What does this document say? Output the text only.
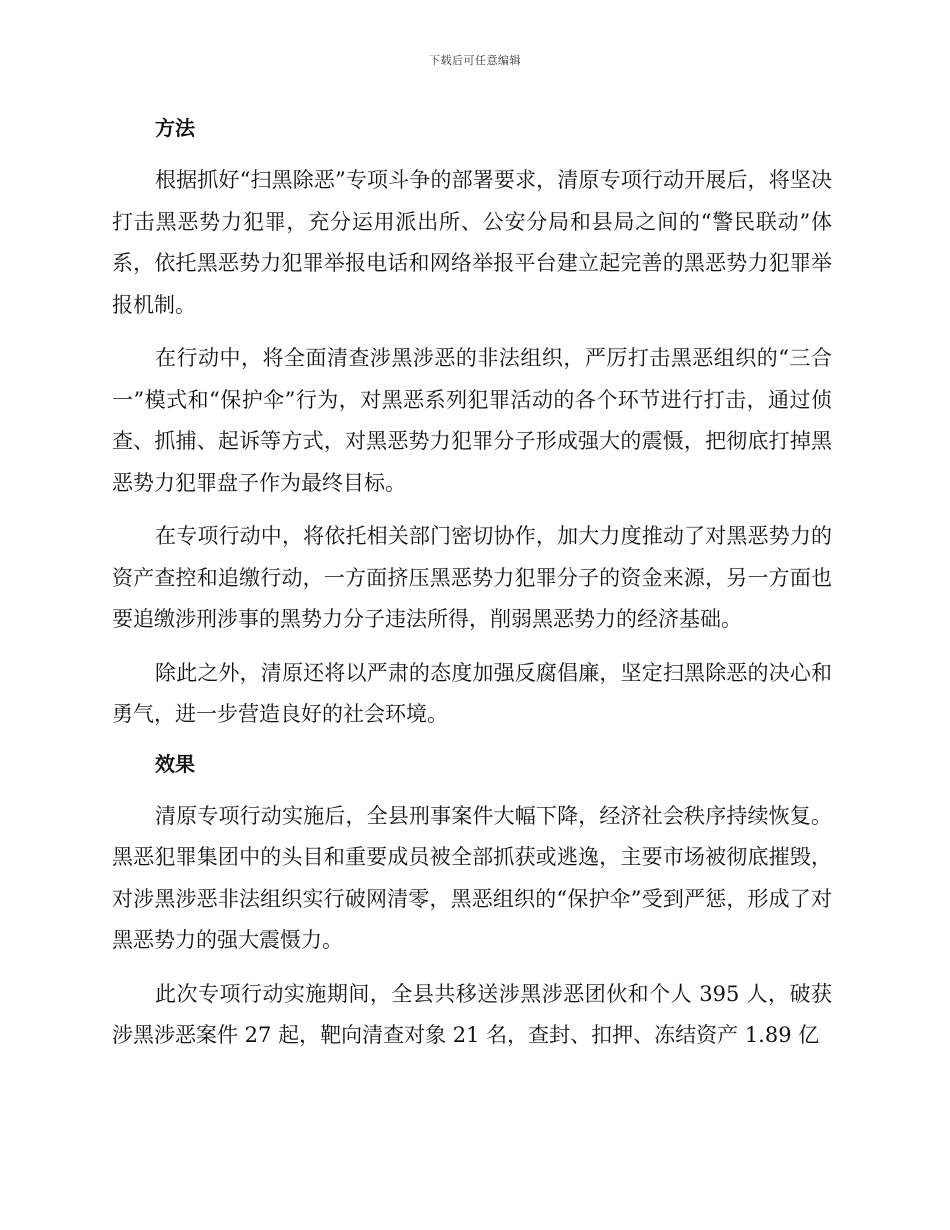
下载后可任意编辑
方法

根据抓好“扫黑除恶”专项斗争的部署要求，清原专项行动开展后，将坚决打击黑恶势力犯罪，充分运用派出所、公安分局和县局之间的“警民联动”体系，依托黑恶势力犯罪举报电话和网络举报平台建立起完善的黑恶势力犯罪举报机制。

在行动中，将全面清查涉黑涉恶的非法组织，严厉打击黑恶组织的“三合一”模式和“保护伞”行为，对黑恶系列犯罪活动的各个环节进行打击，通过侦查、抓捕、起诉等方式，对黑恶势力犯罪分子形成强大的震慑，把彻底打掉黑恶势力犯罪盘子作为最终目标。

在专项行动中，将依托相关部门密切协作，加大力度推动了对黑恶势力的资产查控和追缴行动，一方面挤压黑恶势力犯罪分子的资金来源，另一方面也要追缴涉刑涉事的黑势力分子违法所得，削弱黑恶势力的经济基础。

除此之外，清原还将以严肃的态度加强反腐倡廉，坚定扫黑除恶的决心和勇气，进一步营造良好的社会环境。

效果

清原专项行动实施后，全县刑事案件大幅下降，经济社会秩序持续恢复。黑恶犯罪集团中的头目和重要成员被全部抓获或逃逸，主要市场被彻底摧毁，对涉黑涉恶非法组织实行破网清零，黑恶组织的“保护伞”受到严惩，形成了对黑恶势力的强大震慑力。

此次专项行动实施期间，全县共移送涉黑涉恶团伙和个人 395 人，破获涉黑涉恶案件 27 起，靶向清查对象 21 名，查封、扣押、冻结资产 1.89 亿
